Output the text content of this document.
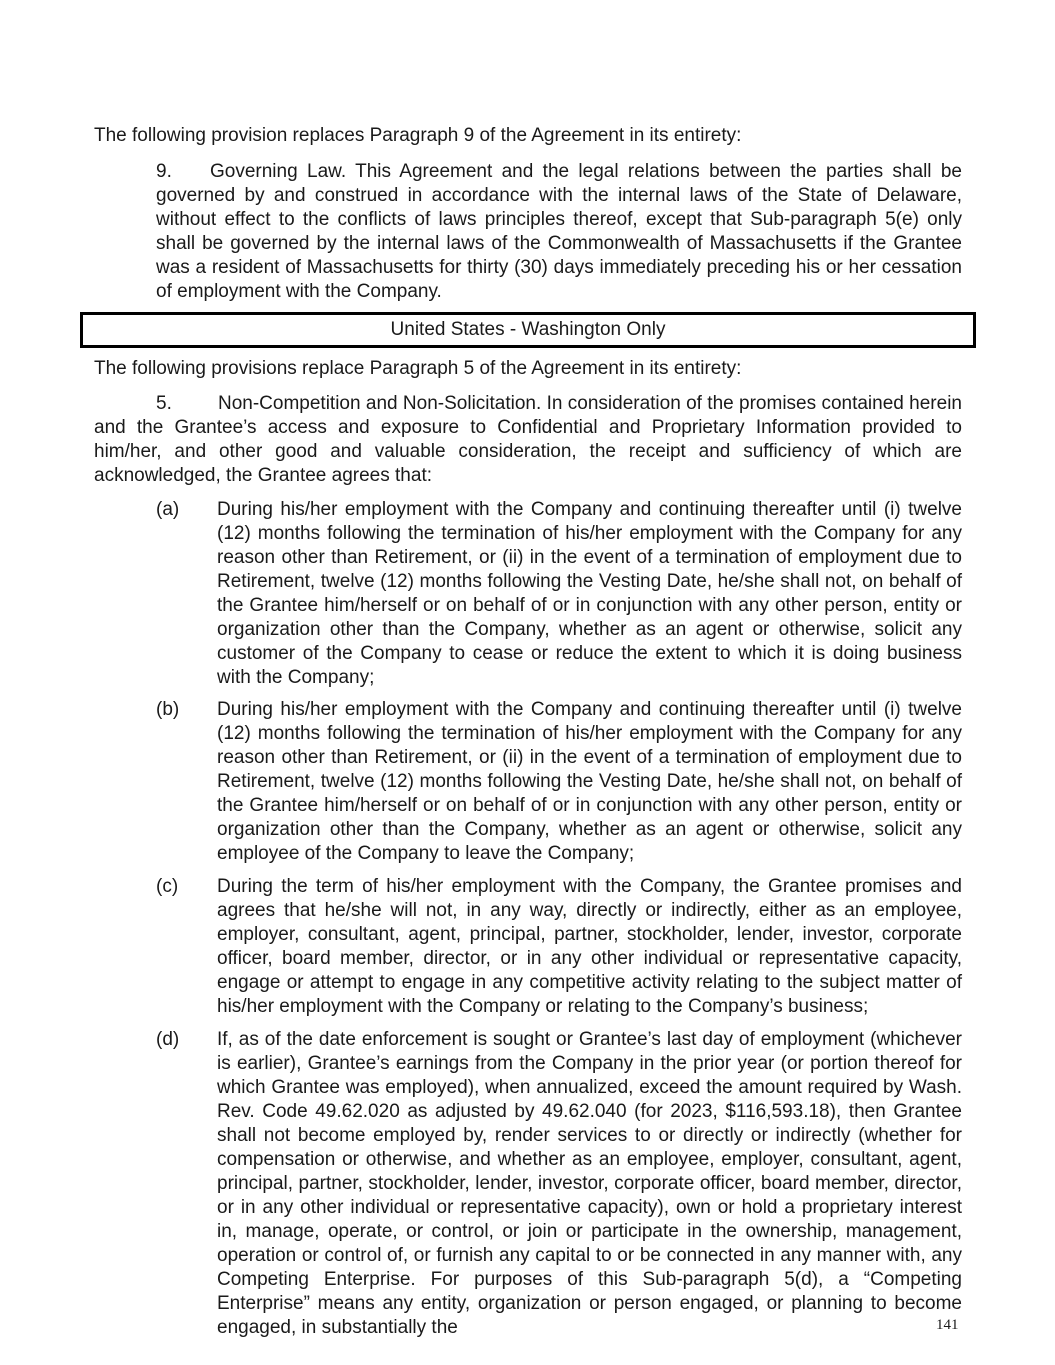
The following provision replaces Paragraph 9 of the Agreement in its entirety:

9. Governing Law. This Agreement and the legal relations between the parties shall be governed by and construed in accordance with the internal laws of the State of Delaware, without effect to the conflicts of laws principles thereof, except that Sub-paragraph 5(e) only shall be governed by the internal laws of the Commonwealth of Massachusetts if the Grantee was a resident of Massachusetts for thirty (30) days immediately preceding his or her cessation of employment with the Company.

United States - Washington Only

The following provisions replace Paragraph 5 of the Agreement in its entirety:

5. Non-Competition and Non-Solicitation. In consideration of the promises contained herein and the Grantee’s access and exposure to Confidential and Proprietary Information provided to him/her, and other good and valuable consideration, the receipt and sufficiency of which are acknowledged, the Grantee agrees that:

(a)	During his/her employment with the Company and continuing thereafter until (i) twelve (12) months following the termination of his/her employment with the Company for any reason other than Retirement, or (ii) in the event of a termination of employment due to Retirement, twelve (12) months following the Vesting Date, he/she shall not, on behalf of the Grantee him/herself or on behalf of or in conjunction with any other person, entity or organization other than the Company, whether as an agent or otherwise, solicit any customer of the Company to cease or reduce the extent to which it is doing business with the Company;

(b)	During his/her employment with the Company and continuing thereafter until (i) twelve (12) months following the termination of his/her employment with the Company for any reason other than Retirement, or (ii) in the event of a termination of employment due to Retirement, twelve (12) months following the Vesting Date, he/she shall not, on behalf of the Grantee him/herself or on behalf of or in conjunction with any other person, entity or organization other than the Company, whether as an agent or otherwise, solicit any employee of the Company to leave the Company;

(c)	During the term of his/her employment with the Company, the Grantee promises and agrees that he/she will not, in any way, directly or indirectly, either as an employee, employer, consultant, agent, principal, partner, stockholder, lender, investor, corporate officer, board member, director, or in any other individual or representative capacity, engage or attempt to engage in any competitive activity relating to the subject matter of his/her employment with the Company or relating to the Company’s business;

(d)	If, as of the date enforcement is sought or Grantee’s last day of employment (whichever is earlier), Grantee’s earnings from the Company in the prior year (or portion thereof for which Grantee was employed), when annualized, exceed the amount required by Wash. Rev. Code 49.62.020 as adjusted by 49.62.040 (for 2023, $116,593.18), then Grantee shall not become employed by, render services to or directly or indirectly (whether for compensation or otherwise, and whether as an employee, employer, consultant, agent, principal, partner, stockholder, lender, investor, corporate officer, board member, director, or in any other individual or representative capacity), own or hold a proprietary interest in, manage, operate, or control, or join or participate in the ownership, management, operation or control of, or furnish any capital to or be connected in any manner with, any Competing Enterprise. For purposes of this Sub-paragraph 5(d), a “Competing Enterprise” means any entity, organization or person engaged, or planning to become engaged, in substantially the	141
